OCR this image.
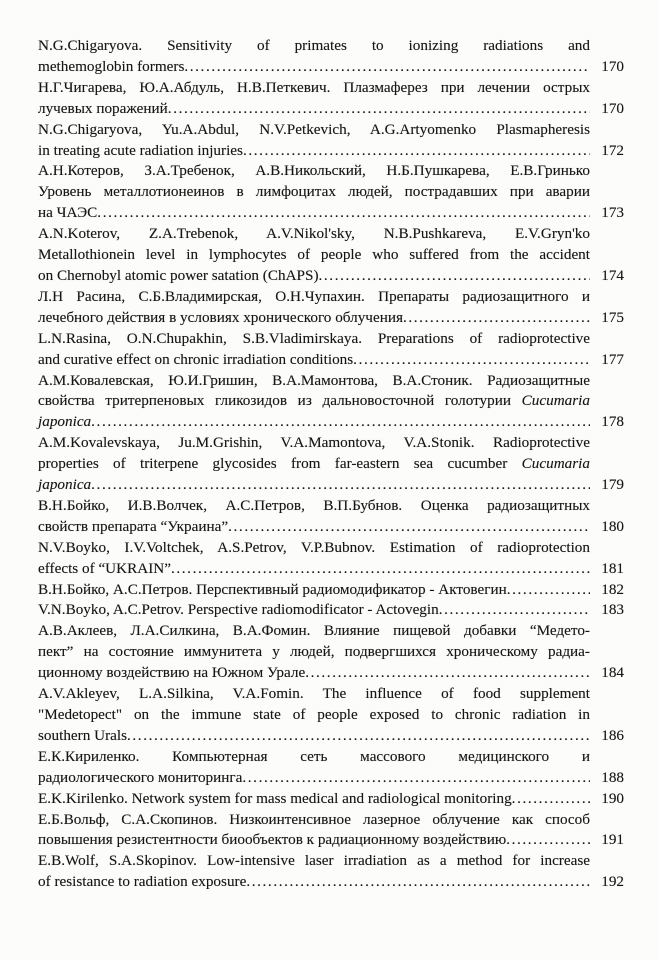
N.G.Chigaryova. Sensitivity of primates to ionizing radiations and
methemoglobin formers .....	170
Н.Г.Чигарева, Ю.А.Абдуль, Н.В.Петкевич. Плазмаферез при лечении острых
лучевых поражений .....	170
N.G.Chigaryova, Yu.A.Abdul, N.V.Petkevich, A.G.Artyomenko Plasmapheresis
in treating acute radiation injuries .....	172
А.Н.Котеров, З.А.Требенок, А.В.Никольский, Н.Б.Пушкарева, Е.В.Гринько
Уровень металлотионеинов в лимфоцитах людей, пострадавших при аварии
на ЧАЭС .....	173
A.N.Koterov, Z.A.Trebenok, A.V.Nikol'sky, N.B.Pushkareva, E.V.Gryn'ko
Metallothionein level in lymphocytes of people who suffered from the accident
on Chernobyl atomic power satation (ChAPS) .....	174
Л.Н Расина, С.Б.Владимирская, О.Н.Чупахин. Препараты радиозащитного и
лечебного действия в условиях хронического облучения .....	175
L.N.Rasina, O.N.Chupakhin, S.B.Vladimirskaya. Preparations of radioprotective
and curative effect on chronic irradiation conditions .....	177
А.М.Ковалевская, Ю.И.Гришин, В.А.Мамонтова, В.А.Стоник. Радиозащитные
свойства тритерпеновых гликозидов из дальновосточной голотурии Cucumaria
japonica .....	178
A.M.Kovalevskaya, Ju.M.Grishin, V.A.Mamontova, V.A.Stonik. Radioprotective
properties of triterpene glycosides from far-eastern sea cucumber Cucumaria
japonica .....	179
В.Н.Бойко, И.В.Волчек, А.С.Петров, В.П.Бубнов. Оценка радиозащитных
свойств препарата “Украина” .....	180
N.V.Boyko, I.V.Voltchek, A.S.Petrov, V.P.Bubnov. Estimation of radioprotection
effects of “UKRAIN” .....	181
В.Н.Бойко, А.С.Петров. Перспективный радиомодификатор - Актовегин .....	182
V.N.Boyko, A.C.Petrov. Perspective radiomodificator - Actovegin .....	183
А.В.Аклеев, Л.А.Силкина, В.А.Фомин. Влияние пищевой добавки “Медето-
пект” на состояние иммунитета у людей, подвергшихся хроническому радиа-
ционному воздействию на Южном Урале .....	184
A.V.Akleyev, L.A.Silkina, V.A.Fomin. The influence of food supplement
"Medetopect" on the immune state of people exposed to chronic radiation in
southern Urals .....	186
Е.К.Кириленко. Компьютерная сеть массового медицинского и
радиологического мониторинга .....	188
E.K.Kirilenko. Network system for mass medical and radiological monitoring .....	190
Е.Б.Вольф, С.А.Скопинов. Низкоинтенсивное лазерное облучение как способ
повышения резистентности биообъектов к радиационному воздействию .....	191
E.B.Wolf, S.A.Skopinov. Low-intensive laser irradiation as a method for increase
of resistance to radiation exposure .....	192
